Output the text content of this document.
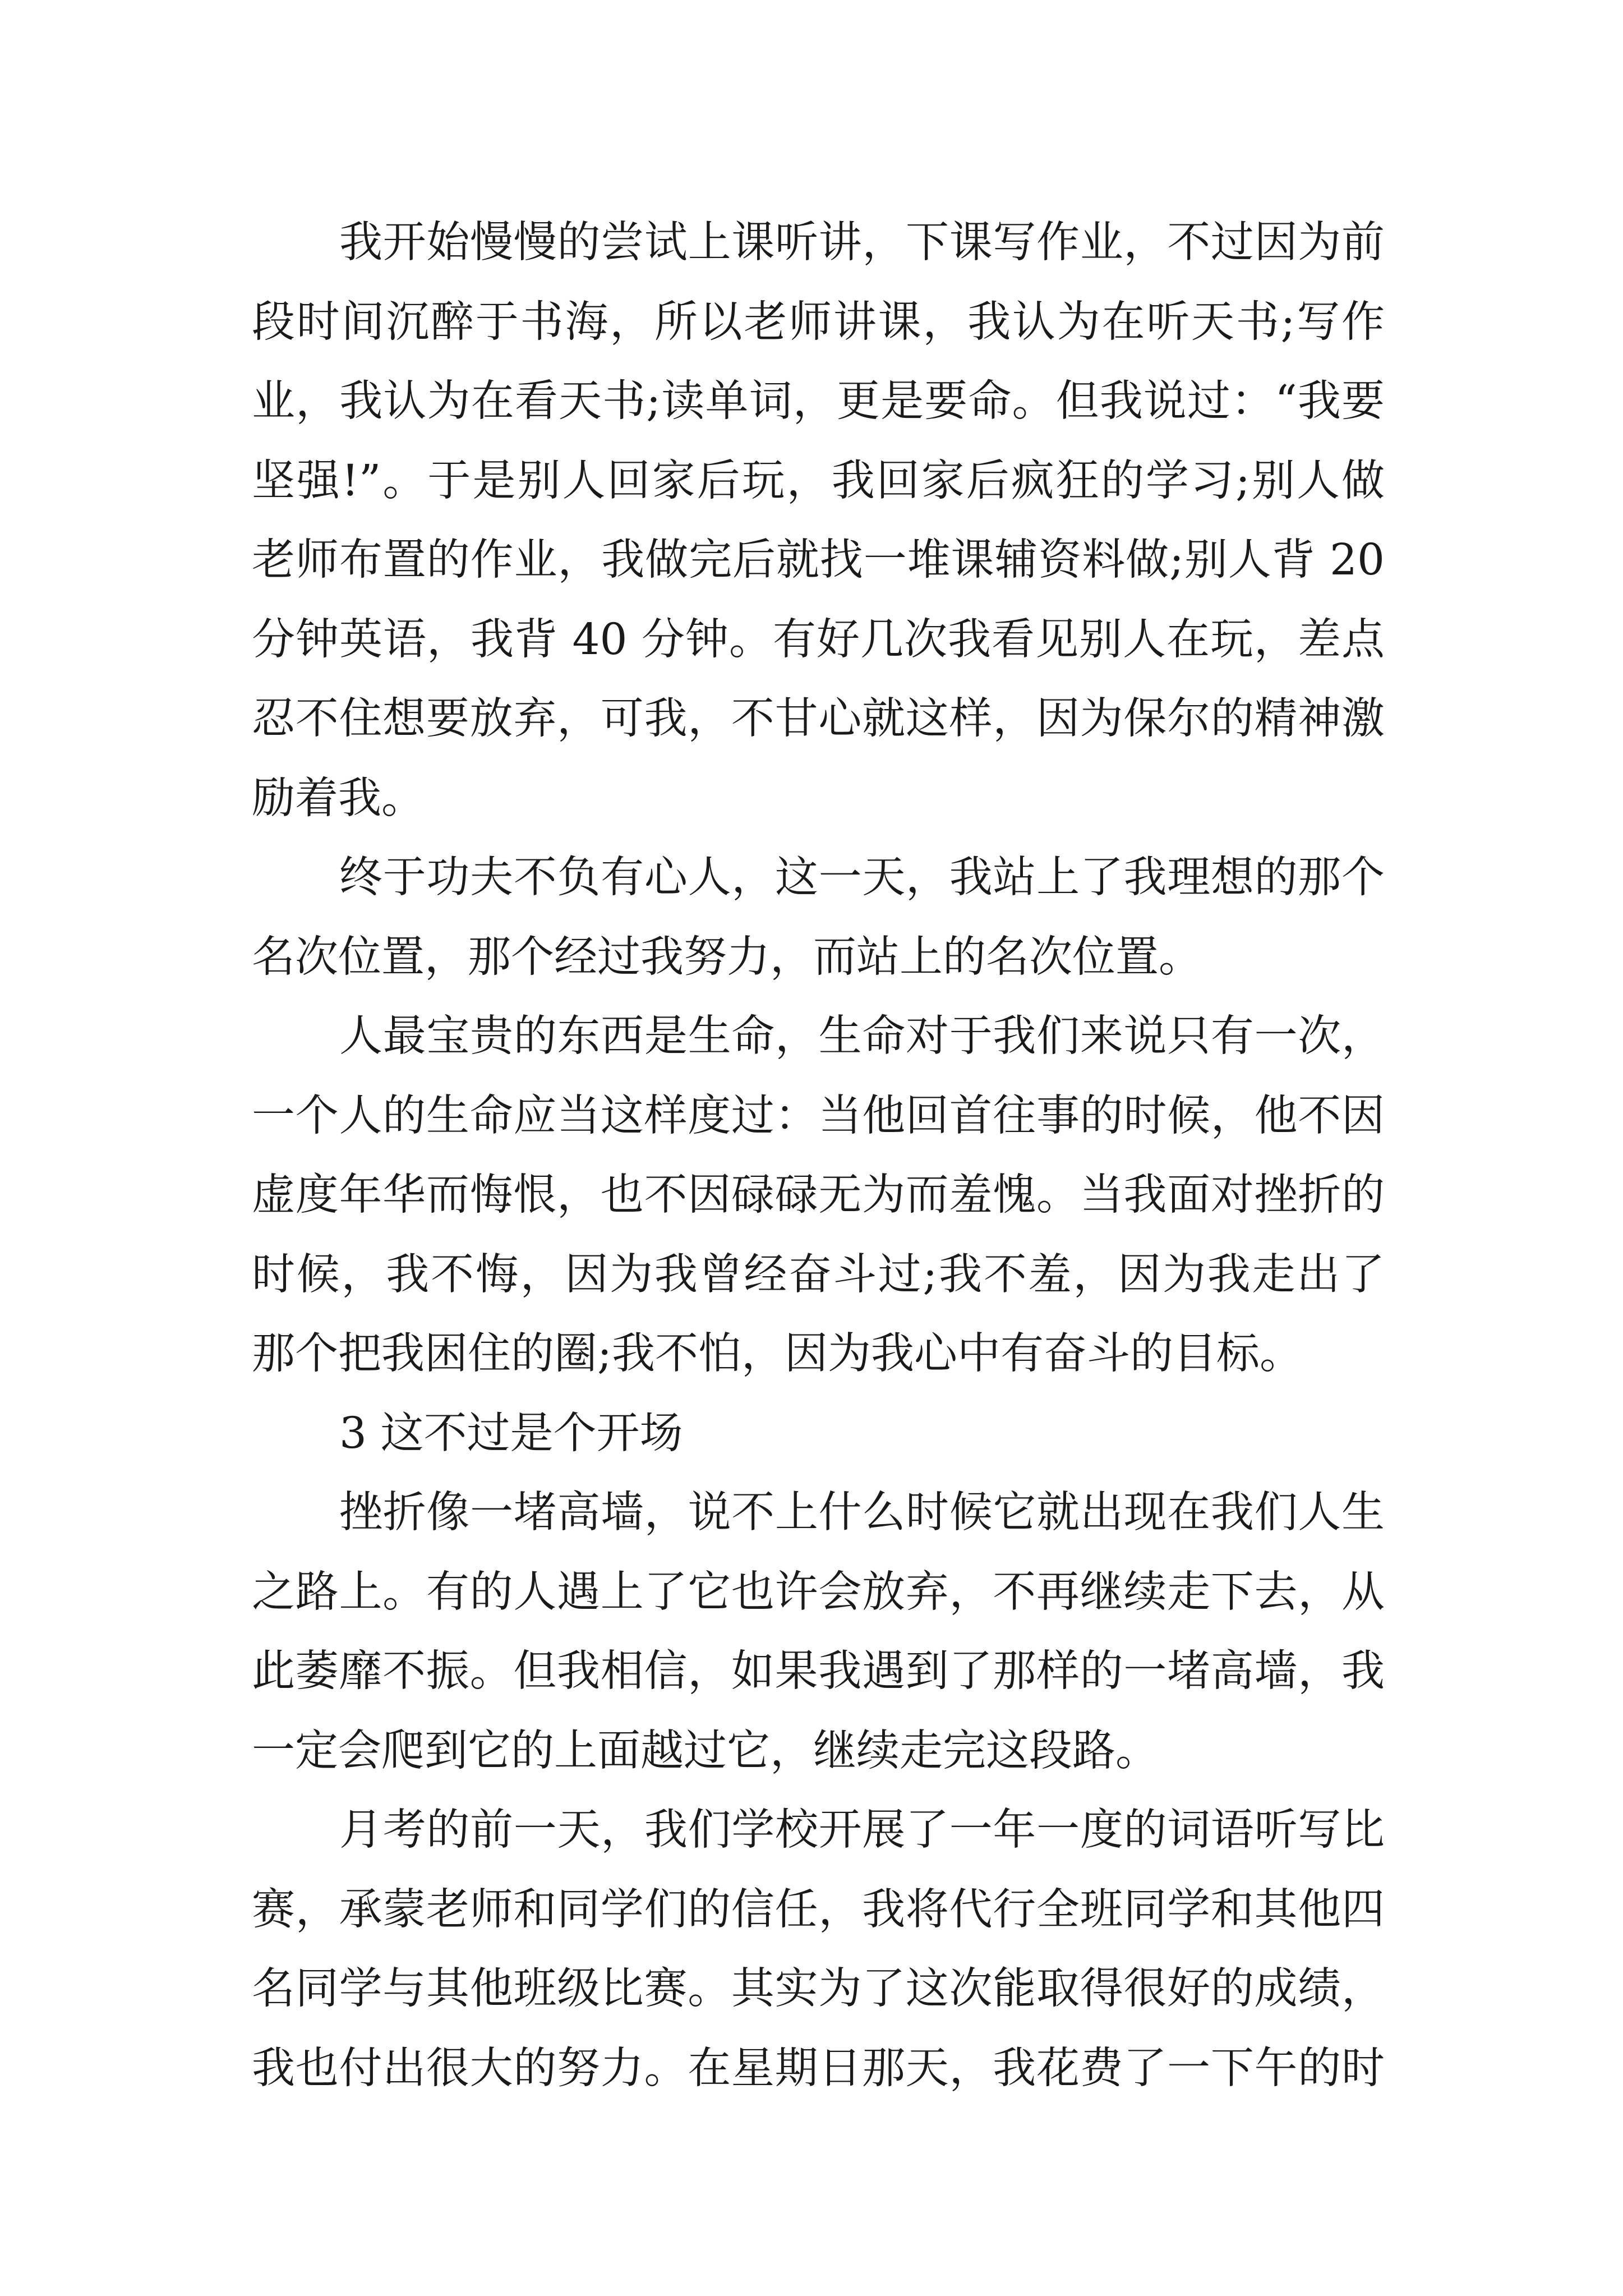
我开始慢慢的尝试上课听讲，下课写作业，不过因为前
段时间沉醉于书海，所以老师讲课，我认为在听天书;写作
业，我认为在看天书;读单词，更是要命。但我说过：“我要
坚强!”。于是别人回家后玩，我回家后疯狂的学习;别人做
老师布置的作业，我做完后就找一堆课辅资料做;别人背 20
分钟英语，我背 40 分钟。有好几次我看见别人在玩，差点
忍不住想要放弃，可我，不甘心就这样，因为保尔的精神激
励着我。
终于功夫不负有心人，这一天，我站上了我理想的那个
名次位置，那个经过我努力，而站上的名次位置。
人最宝贵的东西是生命，生命对于我们来说只有一次，
一个人的生命应当这样度过：当他回首往事的时候，他不因
虚度年华而悔恨，也不因碌碌无为而羞愧。当我面对挫折的
时候，我不悔，因为我曾经奋斗过;我不羞，因为我走出了
那个把我困住的圈;我不怕，因为我心中有奋斗的目标。
3 这不过是个开场
挫折像一堵高墙，说不上什么时候它就出现在我们人生
之路上。有的人遇上了它也许会放弃，不再继续走下去，从
此萎靡不振。但我相信，如果我遇到了那样的一堵高墙，我
一定会爬到它的上面越过它，继续走完这段路。
月考的前一天，我们学校开展了一年一度的词语听写比
赛，承蒙老师和同学们的信任，我将代行全班同学和其他四
名同学与其他班级比赛。其实为了这次能取得很好的成绩，
我也付出很大的努力。在星期日那天，我花费了一下午的时
